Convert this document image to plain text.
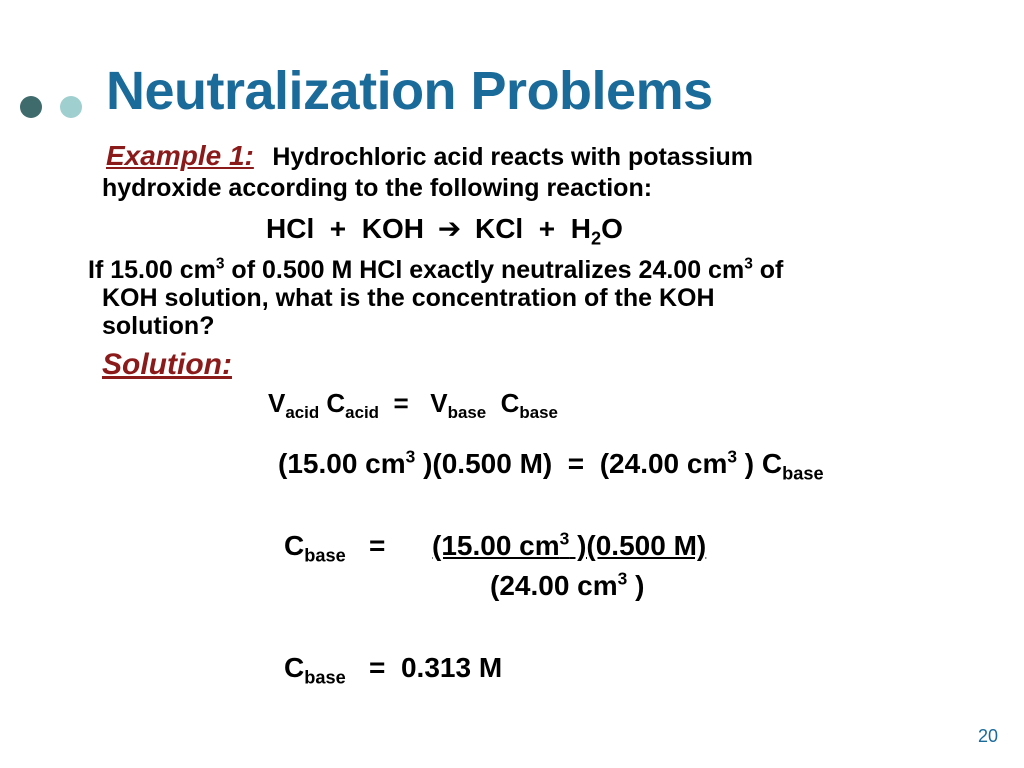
Neutralization Problems
Example 1: Hydrochloric acid reacts with potassium
hydroxide according to the following reaction:
HCl + KOH ➔ KCl + $H_2O$
If 15.00 $cm^3$ of 0.500 M HCl exactly neutralizes 24.00 $cm^3$ of
KOH solution, what is the concentration of the KOH
solution?
Solution:
$V_{acid}$ $C_{acid} = V_{base}$ $C_{base}$
(15.00 $cm^3$ )(0.500 M) = (24.00 $cm^3$ ) $C_{base}$
$C_{base} = (15.00$ $cm^3$ )(0.500 M)
(24.00 $cm^3$ )
$C_{base} = 0.313$ M
20
